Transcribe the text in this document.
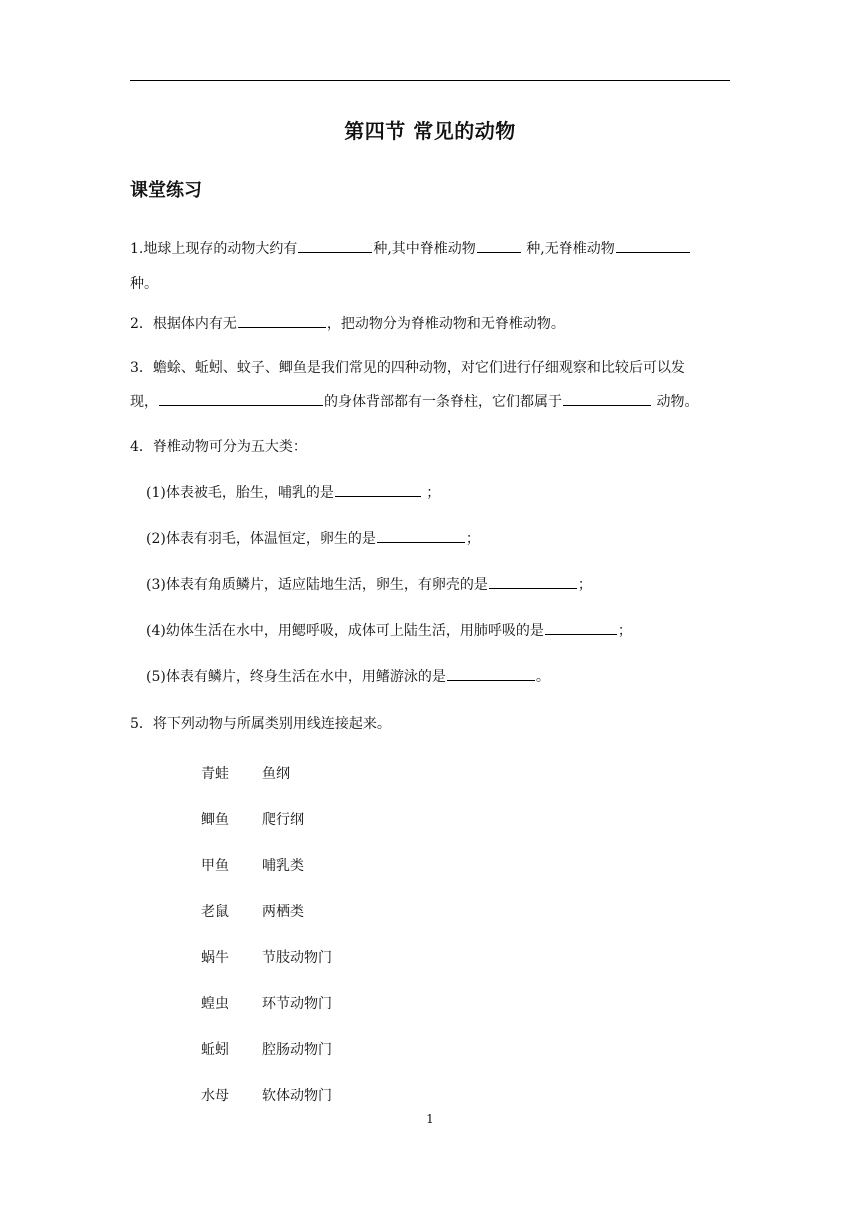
第四节 常见的动物
课堂练习
1.地球上现存的动物大约有	种,其中脊椎动物	种,无脊椎动物
种。
2．根据体内有无	，把动物分为脊椎动物和无脊椎动物。
3．蟾蜍、蚯蚓、蚊子、鲫鱼是我们常见的四种动物，对它们进行仔细观察和比较后可以发
现，	的身体背部都有一条脊柱，它们都属于	动物。
4．脊椎动物可分为五大类：
(1)体表被毛，胎生，哺乳的是	；
(2)体表有羽毛，体温恒定，卵生的是	；
(3)体表有角质鳞片，适应陆地生活，卵生，有卵壳的是	；
(4)幼体生活在水中，用鳃呼吸，成体可上陆生活，用肺呼吸的是	；
(5)体表有鳞片，终身生活在水中，用鳍游泳的是	。
5．将下列动物与所属类别用线连接起来。
青蛙 鱼纲
鲫鱼 爬行纲
甲鱼 哺乳类
老鼠 两栖类
蜗牛 节肢动物门
蝗虫 环节动物门
蚯蚓 腔肠动物门
水母 软体动物门
1
